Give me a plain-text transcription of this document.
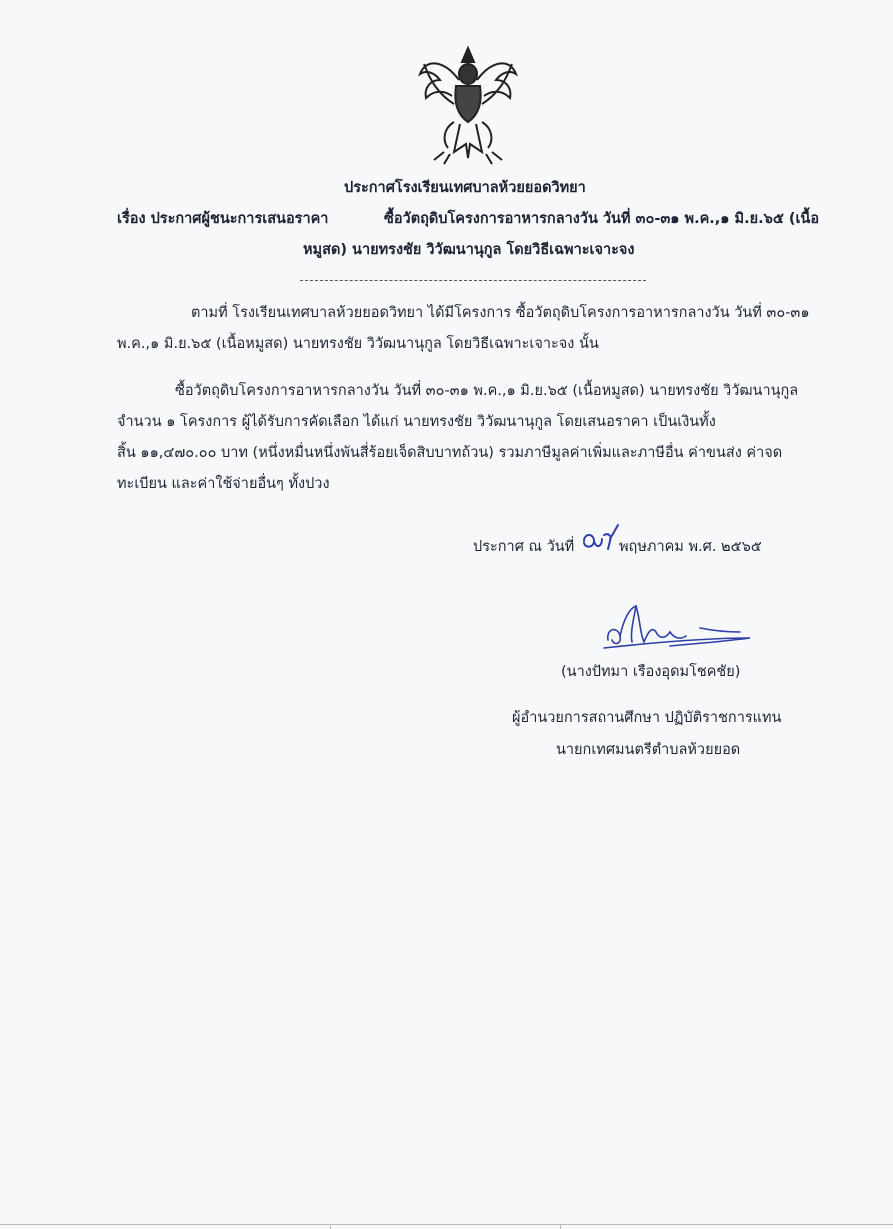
ประกาศโรงเรียนเทศบาลห้วยยอดวิทยา
เรื่อง ประกาศผู้ชนะการเสนอราคา	ซื้อวัตถุดิบโครงการอาหารกลางวัน วันที่ ๓๐-๓๑ พ.ค.,๑ มิ.ย.๖๕ (เนื้อ
หมูสด) นายทรงชัย วิวัฒนานุกูล โดยวิธีเฉพาะเจาะจง
ตามที่ โรงเรียนเทศบาลห้วยยอดวิทยา ได้มีโครงการ ซื้อวัตถุดิบโครงการอาหารกลางวัน วันที่ ๓๐-๓๑
พ.ค.,๑ มิ.ย.๖๕ (เนื้อหมูสด) นายทรงชัย วิวัฒนานุกูล โดยวิธีเฉพาะเจาะจง นั้น
ซื้อวัตถุดิบโครงการอาหารกลางวัน วันที่ ๓๐-๓๑ พ.ค.,๑ มิ.ย.๖๕ (เนื้อหมูสด) นายทรงชัย วิวัฒนานุกูล
จำนวน ๑ โครงการ ผู้ได้รับการคัดเลือก ได้แก่ นายทรงชัย วิวัฒนานุกูล โดยเสนอราคา เป็นเงินทั้ง
สิ้น ๑๑,๔๗๐.๐๐ บาท (หนึ่งหมื่นหนึ่งพันสี่ร้อยเจ็ดสิบบาทถ้วน) รวมภาษีมูลค่าเพิ่มและภาษีอื่น ค่าขนส่ง ค่าจด
ทะเบียน และค่าใช้จ่ายอื่นๆ ทั้งปวง
ประกาศ ณ วันที่	พฤษภาคม พ.ศ. ๒๕๖๕
(นางปัทมา เรืองอุดมโชคชัย)
ผู้อำนวยการสถานศึกษา ปฏิบัติราชการแทน
นายกเทศมนตรีตำบลห้วยยอด
